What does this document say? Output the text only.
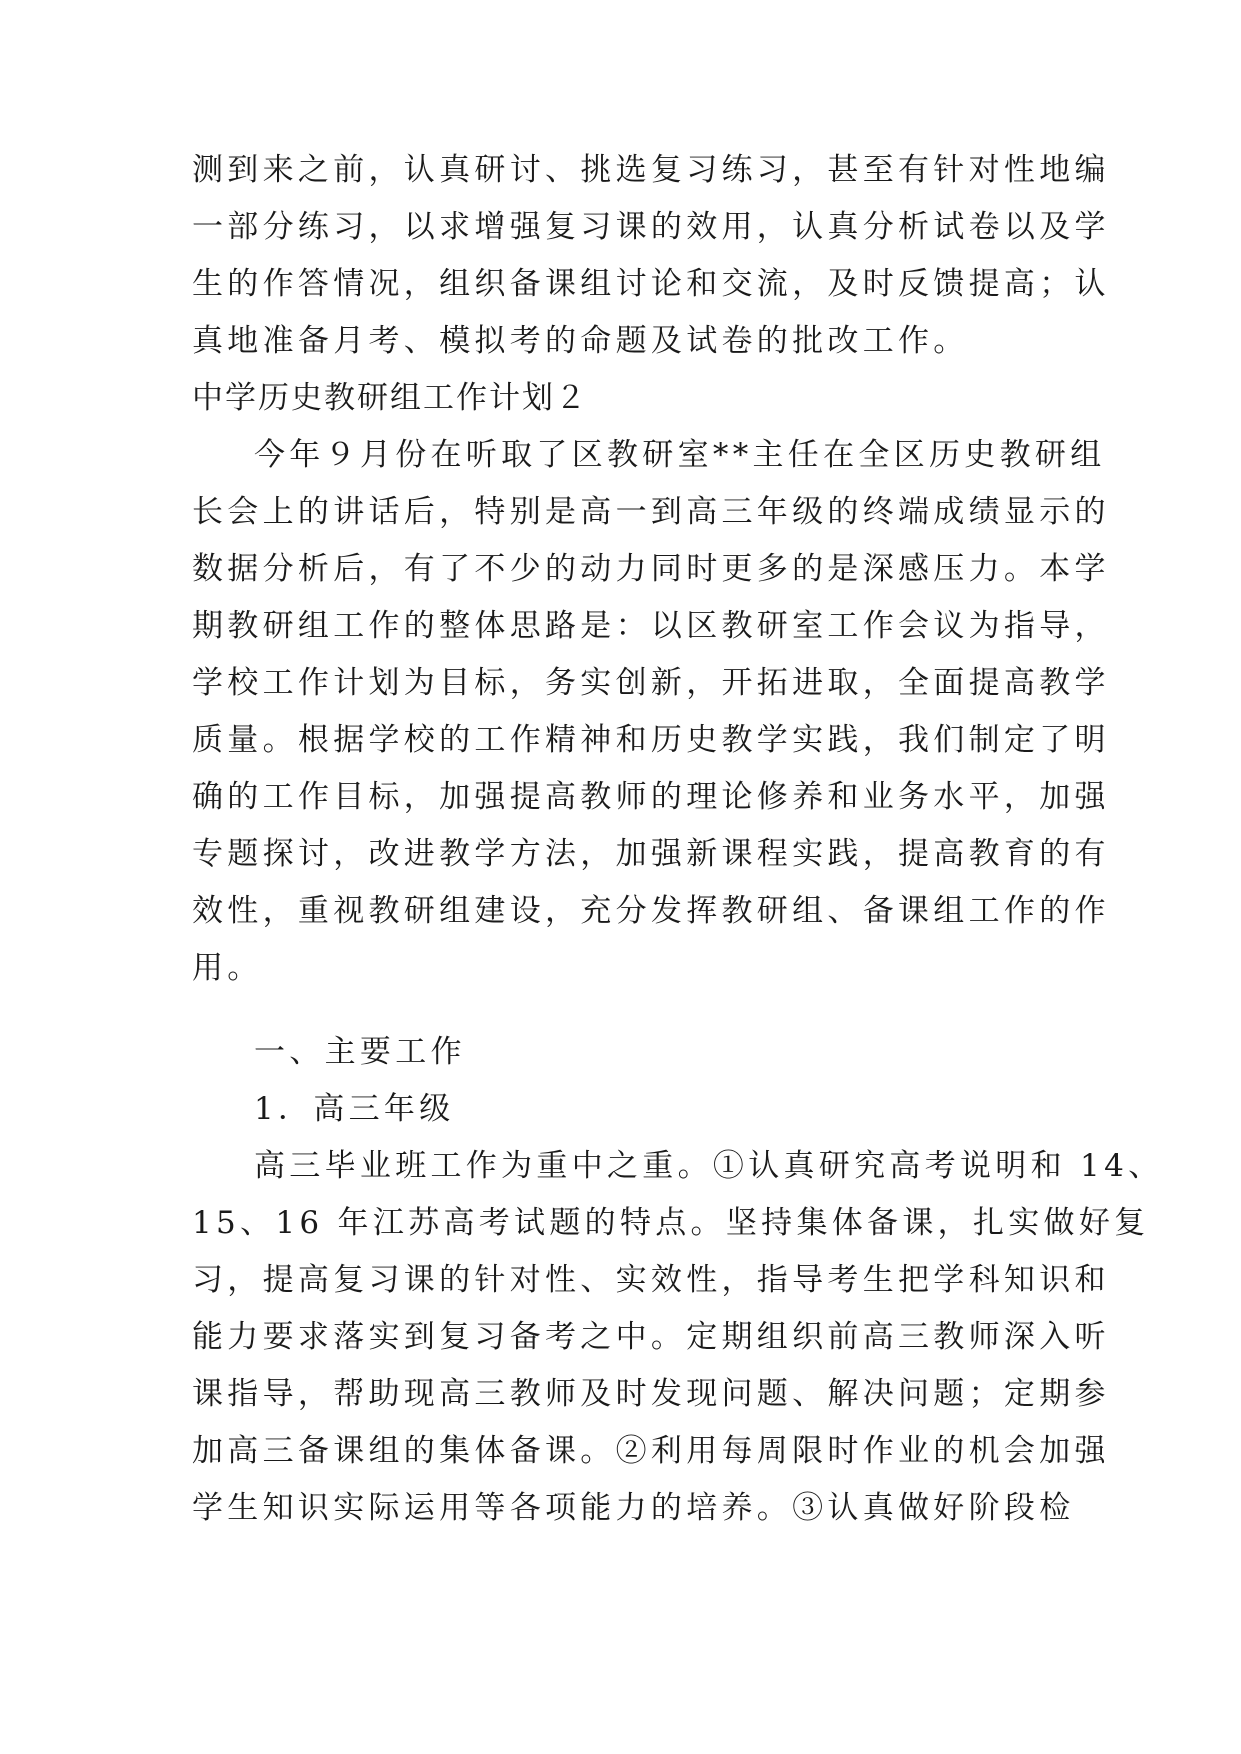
测到来之前，认真研讨、挑选复习练习，甚至有针对性地编
一部分练习，以求增强复习课的效用，认真分析试卷以及学
生的作答情况，组织备课组讨论和交流，及时反馈提高；认
真地准备月考、模拟考的命题及试卷的批改工作。
中学历史教研组工作计划２
今年９月份在听取了区教研室**主任在全区历史教研组
长会上的讲话后，特别是高一到高三年级的终端成绩显示的
数据分析后，有了不少的动力同时更多的是深感压力。本学
期教研组工作的整体思路是：以区教研室工作会议为指导，
学校工作计划为目标，务实创新，开拓进取，全面提高教学
质量。根据学校的工作精神和历史教学实践，我们制定了明
确的工作目标，加强提高教师的理论修养和业务水平，加强
专题探讨，改进教学方法，加强新课程实践，提高教育的有
效性，重视教研组建设，充分发挥教研组、备课组工作的作
用。
一、主要工作
1．高三年级
高三毕业班工作为重中之重。①认真研究高考说明和 14、
15、16 年江苏高考试题的特点。坚持集体备课，扎实做好复
习，提高复习课的针对性、实效性，指导考生把学科知识和
能力要求落实到复习备考之中。定期组织前高三教师深入听
课指导，帮助现高三教师及时发现问题、解决问题；定期参
加高三备课组的集体备课。②利用每周限时作业的机会加强
学生知识实际运用等各项能力的培养。③认真做好阶段检
